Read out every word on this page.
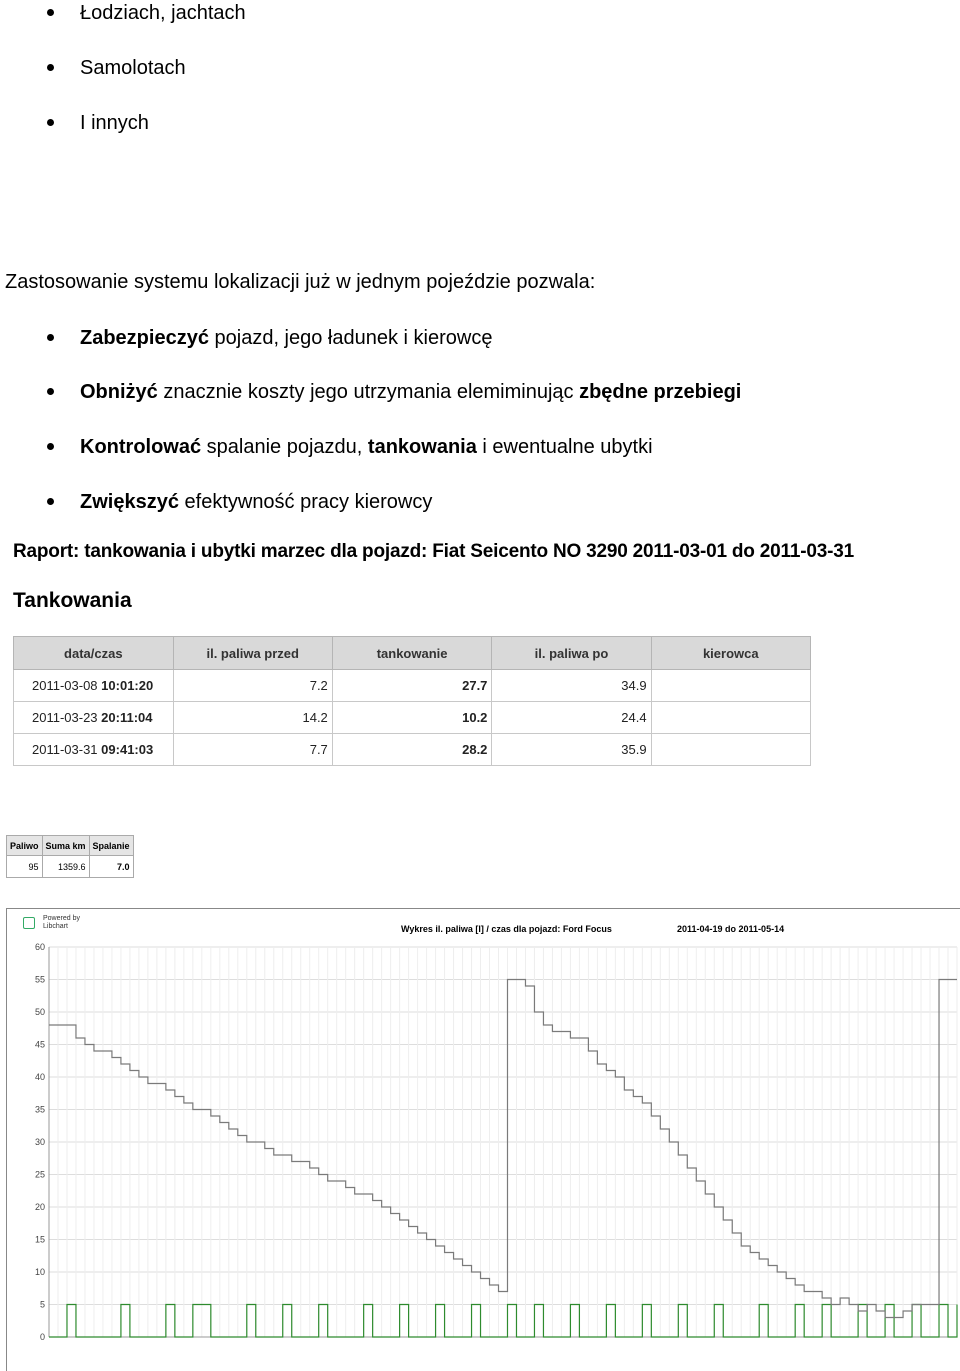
Łodziach, jachtach
Samolotach
I innych
Zastosowanie systemu lokalizacji już w jednym pojeździe pozwala:
Zabezpieczyć pojazd, jego ładunek i kierowcę
Obniżyć znacznie koszty jego utrzymania elemiminując zbędne przebiegi
Kontrolować spalanie pojazdu, tankowania i ewentualne ubytki
Zwiększyć efektywność pracy kierowcy
Raport: tankowania i ubytki marzec dla pojazd: Fiat Seicento NO 3290 2011-03-01 do 2011-03-31
Tankowania
data/czas	il. paliwa przed	tankowanie	il. paliwa po	kierowca
2011-03-08 10:01:20	7.2	27.7	34.9	
2011-03-23 20:11:04	14.2	10.2	24.4	
2011-03-31 09:41:03	7.7	28.2	35.9	
Paliwo	Suma km	Spalanie
95	1359.6	7.0
Powered by
Libchart	Wykres il. paliwa [l] / czas dla pojazd: Ford Focus	2011-04-19 do 2011-05-14
0
5
10
15
20
25
30
35
40
45
50
55
60
